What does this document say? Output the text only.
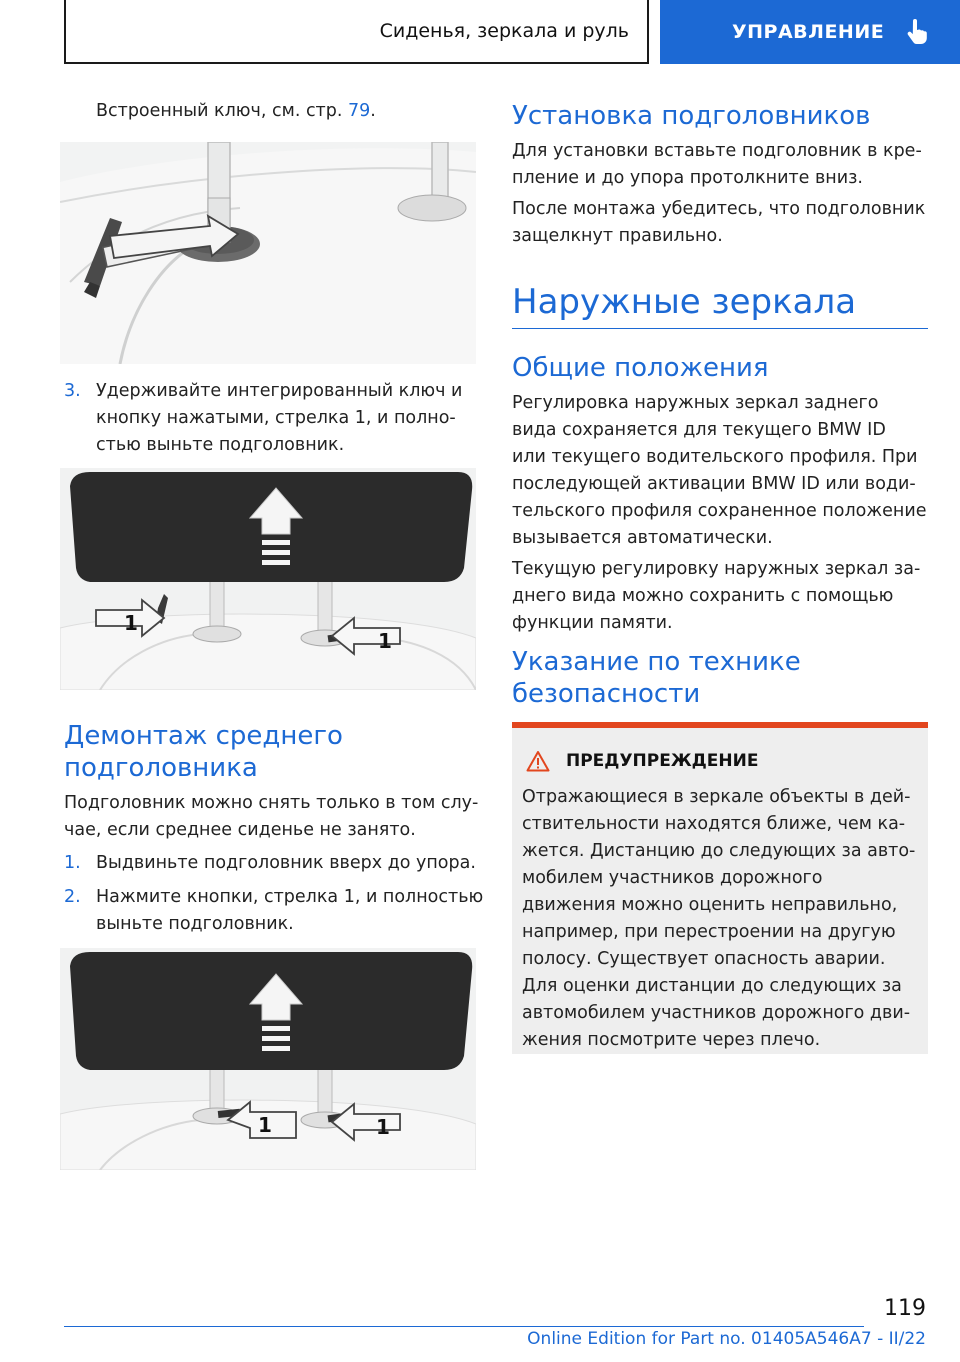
Сиденья, зеркала и руль	УПРАВЛЕНИЕ
Встроенный ключ, см. стр. 79.
3. Удерживайте интегрированный ключ и
кнопку нажатыми, стрелка 1, и полно-
стью выньте подголовник.
1
1
Демонтаж среднего
подголовника
Подголовник можно снять только в том слу-
чае, если среднее сиденье не занято.
1. Выдвиньте подголовник вверх до упора.
2. Нажмите кнопки, стрелка 1, и полностью
выньте подголовник.
1	1
Установка подголовников
Для установки вставьте подголовник в кре-
пление и до упора протолкните вниз.
После монтажа убедитесь, что подголовник
защелкнут правильно.
Наружные зеркала
Общие положения
Регулировка наружных зеркал заднего
вида сохраняется для текущего BMW ID
или текущего водительского профиля. При
последующей активации BMW ID или води-
тельского профиля сохраненное положение
вызывается автоматически.
Текущую регулировку наружных зеркал за-
днего вида можно сохранить с помощью
функции памяти.
Указание по технике
безопасности
ПРЕДУПРЕЖДЕНИЕ
Отражающиеся в зеркале объекты в дей-
ствительности находятся ближе, чем ка-
жется. Дистанцию до следующих за авто-
мобилем участников дорожного
движения можно оценить неправильно,
например, при перестроении на другую
полосу. Существует опасность аварии.
Для оценки дистанции до следующих за
автомобилем участников дорожного дви-
жения посмотрите через плечо.
119
Online Edition for Part no. 01405A546A7 - II/22
